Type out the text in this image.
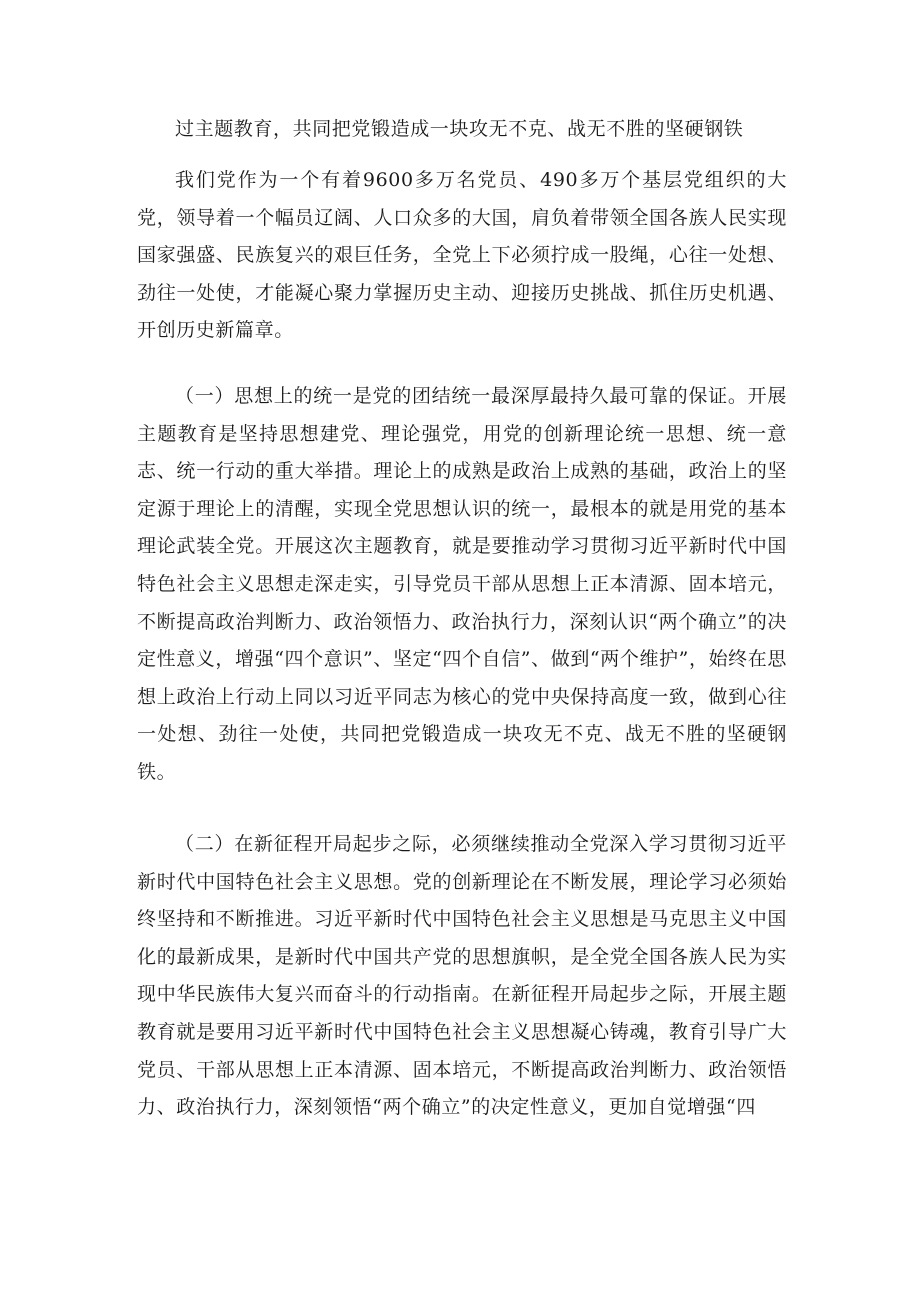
过主题教育，共同把党锻造成一块攻无不克、战无不胜的坚硬钢铁

我们党作为一个有着9600多万名党员、490多万个基层党组织的大党，领导着一个幅员辽阔、人口众多的大国，肩负着带领全国各族人民实现国家强盛、民族复兴的艰巨任务，全党上下必须拧成一股绳，心往一处想、劲往一处使，才能凝心聚力掌握历史主动、迎接历史挑战、抓住历史机遇、开创历史新篇章。

（一）思想上的统一是党的团结统一最深厚最持久最可靠的保证。开展主题教育是坚持思想建党、理论强党，用党的创新理论统一思想、统一意志、统一行动的重大举措。理论上的成熟是政治上成熟的基础，政治上的坚定源于理论上的清醒，实现全党思想认识的统一，最根本的就是用党的基本理论武装全党。开展这次主题教育，就是要推动学习贯彻习近平新时代中国特色社会主义思想走深走实，引导党员干部从思想上正本清源、固本培元，不断提高政治判断力、政治领悟力、政治执行力，深刻认识“两个确立”的决定性意义，增强“四个意识”、坚定“四个自信”、做到“两个维护”，始终在思想上政治上行动上同以习近平同志为核心的党中央保持高度一致，做到心往一处想、劲往一处使，共同把党锻造成一块攻无不克、战无不胜的坚硬钢铁。

（二）在新征程开局起步之际，必须继续推动全党深入学习贯彻习近平新时代中国特色社会主义思想。党的创新理论在不断发展，理论学习必须始终坚持和不断推进。习近平新时代中国特色社会主义思想是马克思主义中国化的最新成果，是新时代中国共产党的思想旗帜，是全党全国各族人民为实现中华民族伟大复兴而奋斗的行动指南。在新征程开局起步之际，开展主题教育就是要用习近平新时代中国特色社会主义思想凝心铸魂，教育引导广大党员、干部从思想上正本清源、固本培元，不断提高政治判断力、政治领悟力、政治执行力，深刻领悟“两个确立”的决定性意义，更加自觉增强“四
